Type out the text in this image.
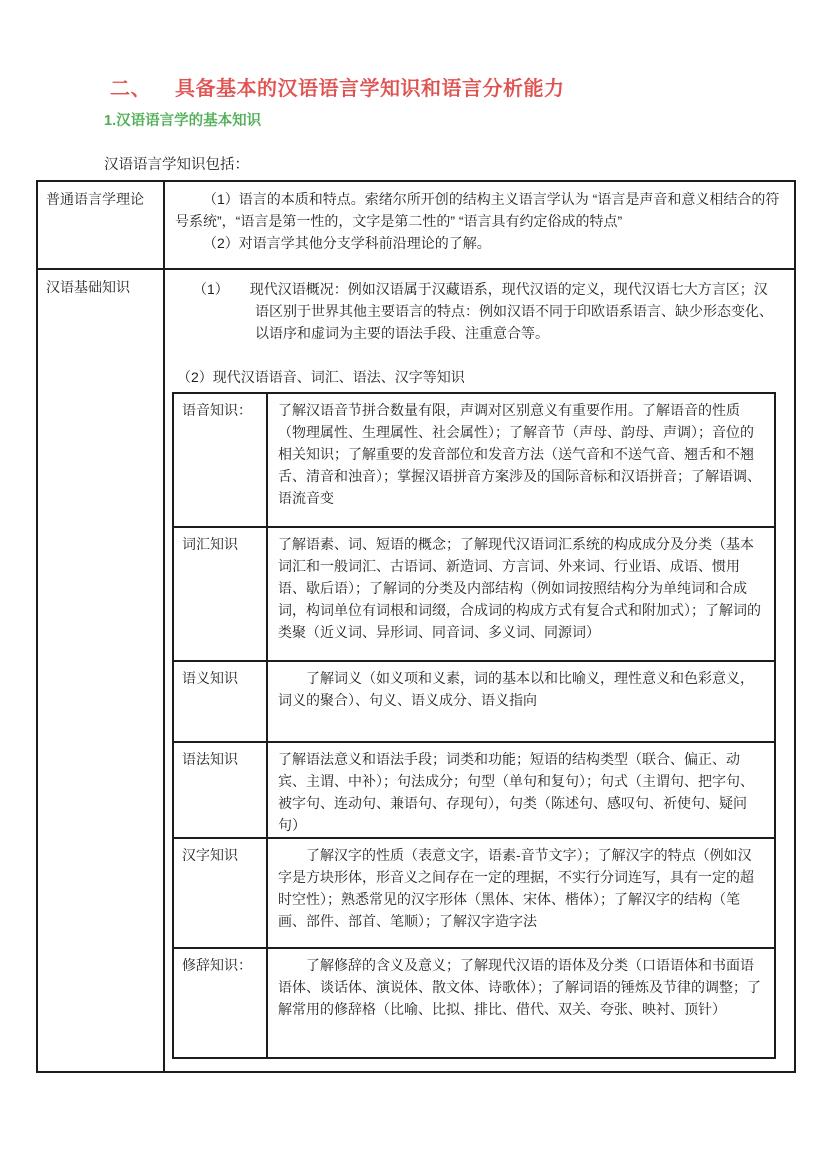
二、 具备基本的汉语语言学知识和语言分析能力
1.汉语语言学的基本知识
汉语语言学知识包括：
普通语言学理论	（1）语言的本质和特点。索绪尔所开创的结构主义语言学认为 “语言是声音和意义相结合的符号系统”，“语言是第一性的，文字是第二性的” “语言具有约定俗成的特点”

（2）对语言学其他分支学科前沿理论的了解。

汉语基础知识	（1）　　现代汉语概况：例如汉语属于汉藏语系，现代汉语的定义，现代汉语七大方言区；汉语区别于世界其他主要语言的特点：例如汉语不同于印欧语系语言、缺少形态变化、以语序和虚词为主要的语法手段、注重意合等。

（2）现代汉语语音、词汇、语法、汉字等知识

语音知识：	了解汉语音节拼合数量有限，声调对区别意义有重要作用。了解语音的性质（物理属性、生理属性、社会属性）；了解音节（声母、韵母、声调）；音位的相关知识；了解重要的发音部位和发音方法（送气音和不送气音、翘舌和不翘舌、清音和浊音）；掌握汉语拼音方案涉及的国际音标和汉语拼音；了解语调、语流音变

词汇知识	了解语素、词、短语的概念；了解现代汉语词汇系统的构成成分及分类（基本词汇和一般词汇、古语词、新造词、方言词、外来词、行业语、成语、惯用语、歇后语）；了解词的分类及内部结构（例如词按照结构分为单纯词和合成词，构词单位有词根和词缀，合成词的构成方式有复合式和附加式）；了解词的类聚（近义词、异形词、同音词、多义词、同源词）

语义知识	了解词义（如义项和义素，词的基本以和比喻义，理性意义和色彩意义，词义的聚合）、句义、语义成分、语义指向

语法知识	了解语法意义和语法手段；词类和功能；短语的结构类型（联合、偏正、动宾、主谓、中补）；句法成分；句型（单句和复句）；句式（主谓句、把字句、被字句、连动句、兼语句、存现句），句类（陈述句、感叹句、祈使句、疑问句）

汉字知识	了解汉字的性质（表意文字，语素-音节文字）；了解汉字的特点（例如汉字是方块形体，形音义之间存在一定的理据，不实行分词连写，具有一定的超时空性）；熟悉常见的汉字形体（黑体、宋体、楷体）；了解汉字的结构（笔画、部件、部首、笔顺）；了解汉字造字法

修辞知识：	了解修辞的含义及意义；了解现代汉语的语体及分类（口语语体和书面语语体、谈话体、演说体、散文体、诗歌体）；了解词语的锤炼及节律的调整；了解常用的修辞格（比喻、比拟、排比、借代、双关、夸张、映衬、顶针）
